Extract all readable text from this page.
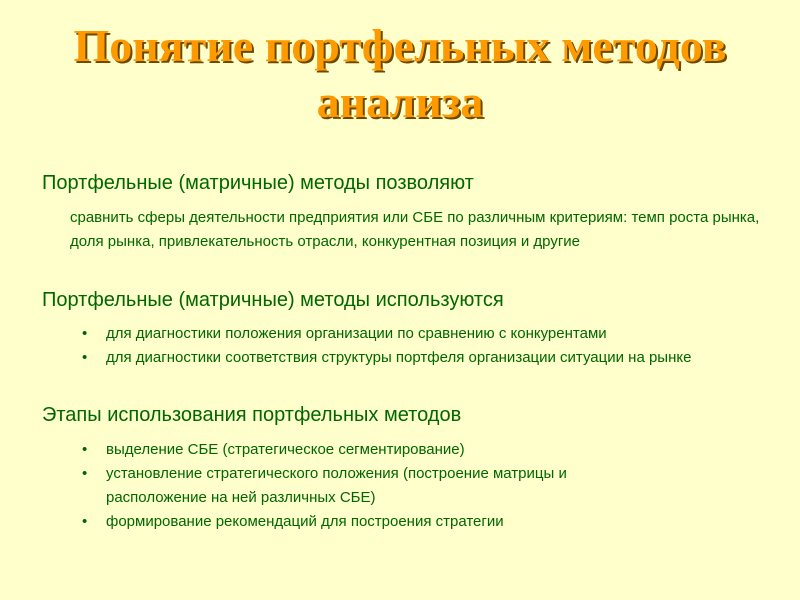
Понятие портфельных методов анализа
Портфельные (матричные) методы позволяют
сравнить сферы деятельности предприятия или СБЕ по различным критериям: темп роста рынка, доля рынка, привлекательность отрасли, конкурентная позиция и другие
Портфельные (матричные) методы используются
• для диагностики положения организации по сравнению с конкурентами
• для диагностики соответствия структуры портфеля организации ситуации на рынке
Этапы использования портфельных методов
• выделение СБЕ (стратегическое сегментирование)
• установление стратегического положения (построение матрицы и расположение на ней различных СБЕ)
• формирование рекомендаций для построения стратегии
